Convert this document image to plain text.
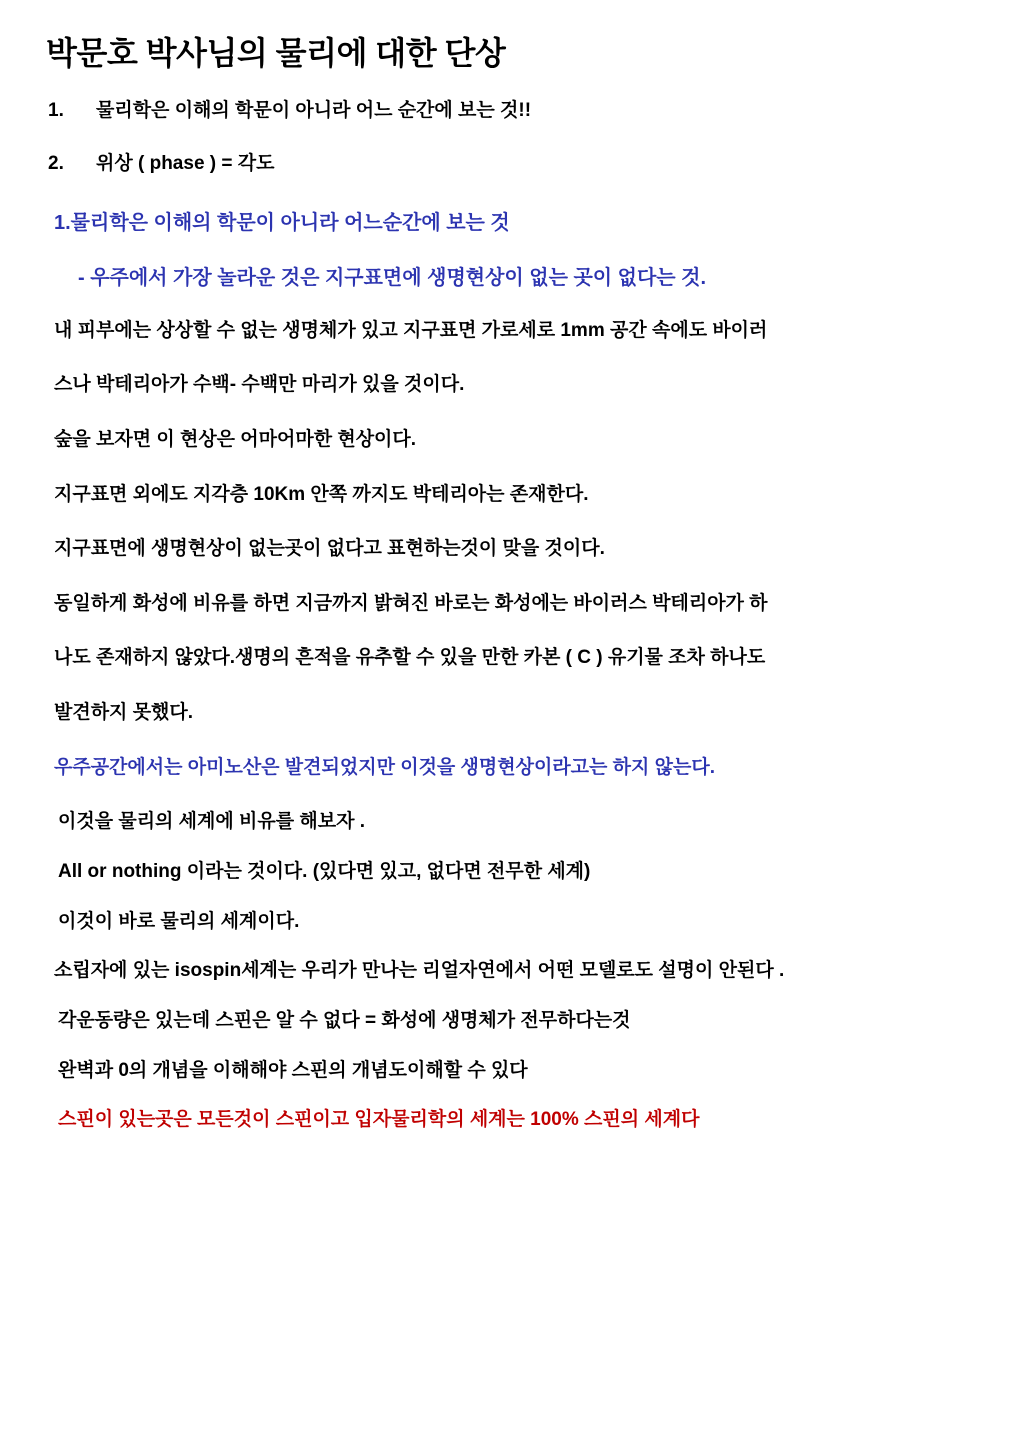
박문호 박사님의 물리에 대한 단상
1. 물리학은 이해의 학문이 아니라 어느 순간에 보는 것!!
2. 위상 ( phase ) = 각도
1.물리학은 이해의 학문이 아니라 어느순간에 보는 것
- 우주에서 가장 놀라운 것은 지구표면에 생명현상이 없는 곳이 없다는 것.

내 피부에는 상상할 수 없는 생명체가 있고 지구표면 가로세로 1mm 공간 속에도 바이러

스나 박테리아가 수백- 수백만 마리가 있을 것이다.

숲을 보자면 이 현상은 어마어마한 현상이다.

지구표면 외에도 지각층 10Km 안쪽 까지도 박테리아는 존재한다.

지구표면에 생명현상이 없는곳이 없다고 표현하는것이 맞을 것이다.

동일하게 화성에 비유를 하면 지금까지 밝혀진 바로는 화성에는 바이러스 박테리아가 하

나도 존재하지 않았다.생명의 흔적을 유추할 수 있을 만한 카본 ( C ) 유기물 조차 하나도

발견하지 못했다.

우주공간에서는 아미노산은 발견되었지만 이것을 생명현상이라고는 하지 않는다.

이것을 물리의 세계에 비유를 해보자 .

All or nothing 이라는 것이다. (있다면 있고, 없다면 전무한 세계)

이것이 바로 물리의 세계이다.

소립자에 있는 isospin세계는 우리가 만나는 리얼자연에서 어떤 모델로도 설명이 안된다 .

각운동량은 있는데 스핀은 알 수 없다 = 화성에 생명체가 전무하다는것

완벽과 0의 개념을 이해해야 스핀의 개념도이해할 수 있다

스핀이 있는곳은 모든것이 스핀이고 입자물리학의 세계는 100% 스핀의 세계다
